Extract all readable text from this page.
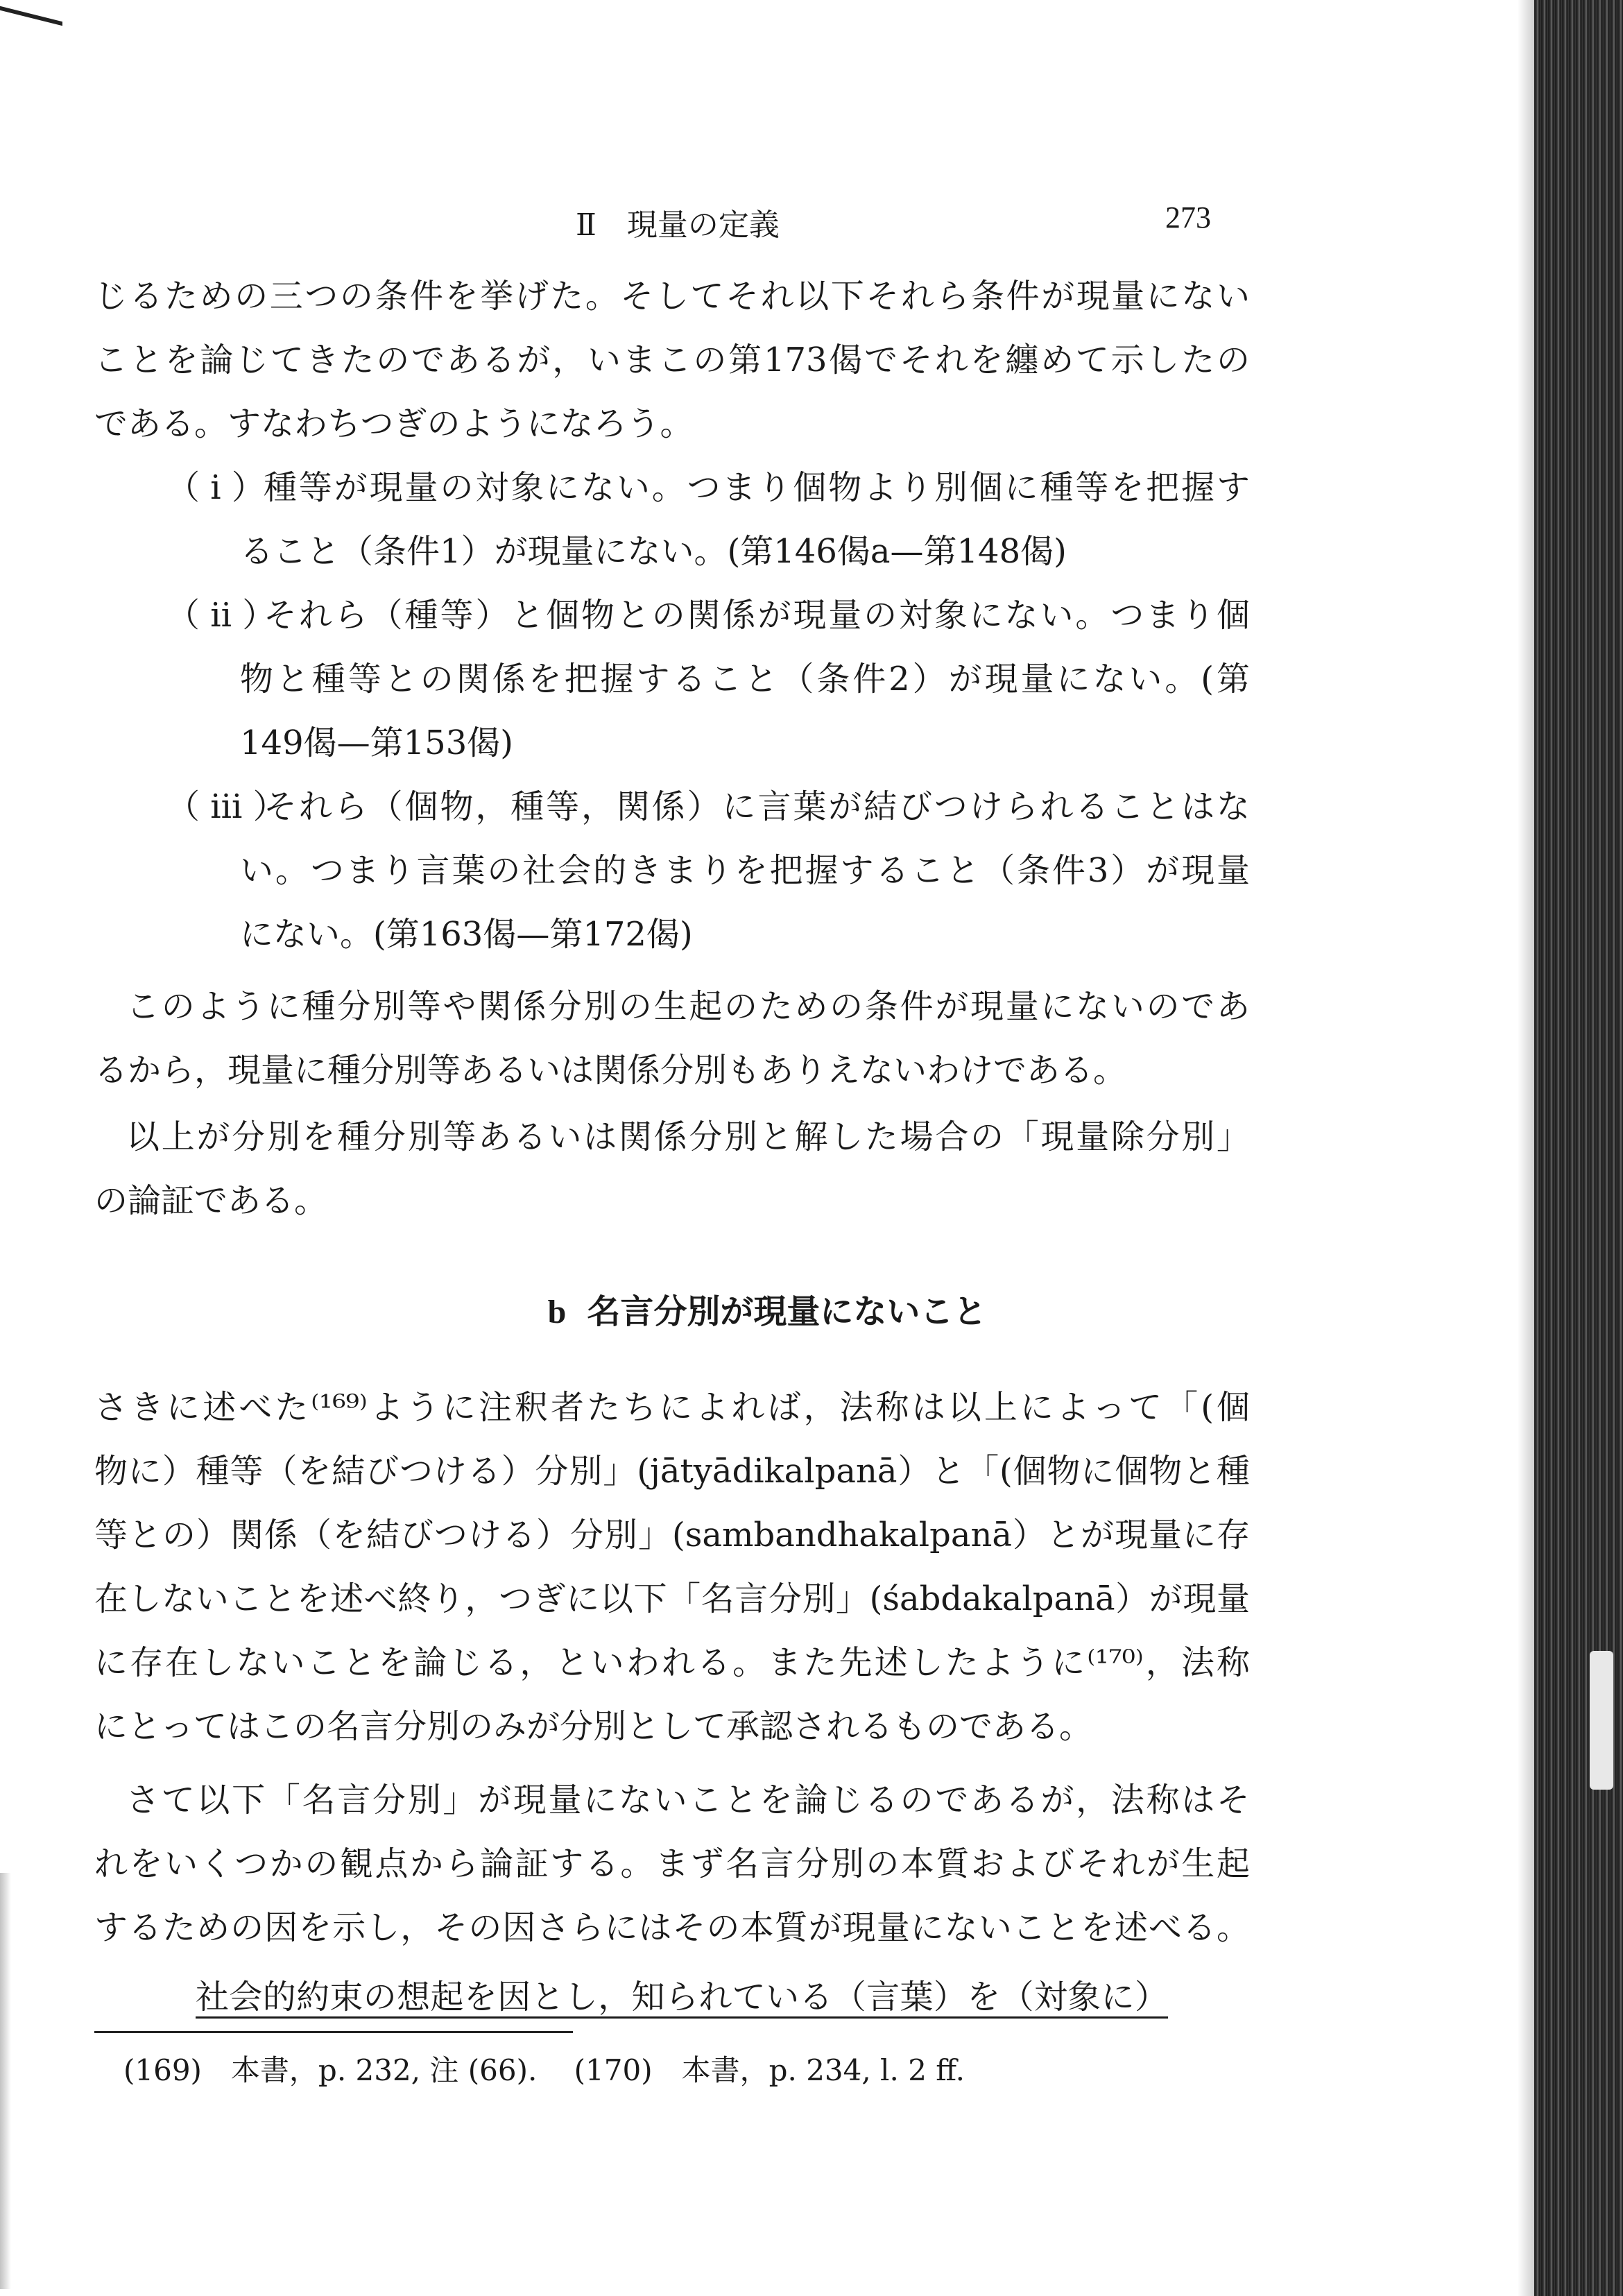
Ⅱ　現量の定義	273
じるための三つの条件を挙げた。そしてそれ以下それら条件が現量にない
ことを論じてきたのであるが，いまこの第173偈でそれを纏めて示したの
である。すなわちつぎのようになろう。
（ i ）
種等が現量の対象にない。つまり個物より別個に種等を把握す
ること（条件1）が現量にない。(第146偈a—第148偈)
（ ii ）
それら（種等）と個物との関係が現量の対象にない。つまり個
物と種等との関係を把握すること（条件2）が現量にない。(第
149偈—第153偈)
（ iii ）
それら（個物，種等，関係）に言葉が結びつけられることはな
い。つまり言葉の社会的きまりを把握すること（条件3）が現量
にない。(第163偈—第172偈)
このように種分別等や関係分別の生起のための条件が現量にないのであ
るから，現量に種分別等あるいは関係分別もありえないわけである。
以上が分別を種分別等あるいは関係分別と解した場合の「現量除分別」
の論証である。
b 名言分別が現量にないこと
さきに述べた⁽¹⁶⁹⁾ように注釈者たちによれば，法称は以上によって「(個
物に）種等（を結びつける）分別」(jātyādikalpanā）と「(個物に個物と種
等との）関係（を結びつける）分別」(sambandhakalpanā）とが現量に存
在しないことを述べ終り，つぎに以下「名言分別」(śabdakalpanā）が現量
に存在しないことを論じる，といわれる。また先述したように⁽¹⁷⁰⁾，法称
にとってはこの名言分別のみが分別として承認されるものである。
さて以下「名言分別」が現量にないことを論じるのであるが，法称はそ
れをいくつかの観点から論証する。まず名言分別の本質およびそれが生起
するための因を示し，その因さらにはその本質が現量にないことを述べる。
社会的約束の想起を因とし，知られている（言葉）を（対象に）
(169)　本書，p. 232, 注 (66). (170)　本書，p. 234, l. 2 ff.
